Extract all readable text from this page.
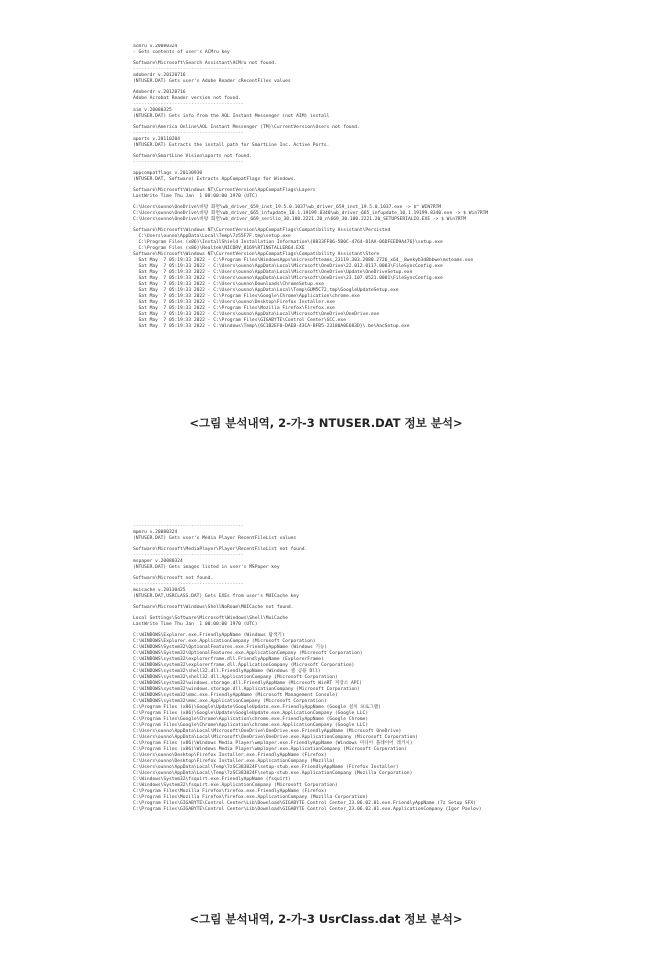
acmru v.20080324
- Gets contents of user's ACMru key
Software\Microsoft\Search Assistant\ACMru not found.
----------------------------------------
adoberdr v.20120716
(NTUSER.DAT) Gets user's Adobe Reader cRecentFiles values
Adoberdr v.20120716
Adobe Acrobat Reader version not found.
----------------------------------------
aim v.20080325
(NTUSER.DAT) Gets info from the AOL Instant Messenger (not AIM) install
Software\America Online\AOL Instant Messenger (TM)\CurrentVersion\Users not found.
----------------------------------------
aports v.20110204
(NTUSER.DAT) Extracts the install path for SmartLine Inc. Active Ports.
Software\SmartLine Vision\aports not found.
----------------------------------------
appcompatflags v.20130930
(NTUSER.DAT, Software) Extracts AppCompatFlags for Windows.
Software\Microsoft\Windows NT\CurrentVersion\AppCompatFlags\Layers
LastWrite Time Thu Jan  1 00:00:00 1970 (UTC)
C:\Users\ounno\OneDrive\바탕 화면\wb_driver_659_inst_19.5.0.1037\wb_driver_659_inst_19.5.0.1037.exe -> $^ WIN7RTM
C:\Users\ounno\OneDrive\바탕 화면\wb_driver_665_infupdate_10.1.19199.8340\wb_driver_665_infupdate_10.1.19199.8340.exe -> $ Win7RTM
C:\Users\ounno\OneDrive\바탕 화면\wb_driver_669_serilio_30.100.2221.20_n\669_30.100.2221.20_SETUPSERIALIO.EXE -> $ Win7RTM
Software\Microsoft\Windows NT\CurrentVersion\AppCompatFlags\Compatibility Assistant\Persisted
C:\Users\ounno\AppData\Local\Temp\7z55F7F.tmp\setup.exe
C:\Program Files (x86)\InstallShield Installation Information\{8833FF86-5B0C-4764-81AA-06DFEED9A476}\setup.exe
C:\Program Files (x86)\Realtek\NICDRV_8169\RTINSTALLER64.EXE
Software\Microsoft\Windows NT\CurrentVersion\AppCompatFlags\Compatibility Assistant\Store
Sat May  7 05:19:33 2022 - C:\Program Files\WindowsApps\microsoftteams_23119.303.2080.2726_x64__8wekyb3d8bbwe\msteams.exe
Sat May  7 05:19:33 2022 - C:\Users\ounno\AppData\Local\Microsoft\OneDrive\22.012.0117.0003\FileSyncConfig.exe
Sat May  7 05:19:33 2022 - C:\Users\ounno\AppData\Local\Microsoft\OneDrive\Update\OneDriveSetup.exe
Sat May  7 05:19:33 2022 - C:\Users\ounno\AppData\Local\Microsoft\OneDrive\23.107.0521.0001\FileSyncConfig.exe
Sat May  7 05:19:33 2022 - C:\Users\ounno\Downloads\ChromeSetup.exe
Sat May  7 05:19:33 2022 - C:\Users\ounno\AppData\Local\Temp\GUM5C72.tmp\GoogleUpdateSetup.exe
Sat May  7 05:19:33 2022 - C:\Program Files\Google\Chrome\Application\chrome.exe
Sat May  7 05:19:33 2022 - C:\Users\ounno\Desktop\Firefox Installer.exe
Sat May  7 05:19:33 2022 - C:\Program Files\Mozilla Firefox\Firefox.exe
Sat May  7 05:19:33 2022 - C:\Users\ounno\AppData\Local\Microsoft\OneDrive\OneDrive.exe
Sat May  7 05:19:33 2022 - C:\Program Files\GIGABYTE\Control Center\GCC.exe
Sat May  7 05:19:33 2022 - C:\Windows\Temp\{6C1B2EF0-DAEB-43CA-BFB5-23180A0E683D}\.be\AacSetup.exe
<그림 분석내역, 2-가-3 NTUSER.DAT 정보 분석>
----------------------------------------
mpmru v.20080324
(NTUSER.DAT) Gets user's Media Player RecentFileList values
Software\Microsoft\MediaPlayer\Player\RecentFileList not found.
----------------------------------------
mspaper v.20080324
(NTUSER.DAT) Gets images listed in user's MSPaper key
Software\Microsoft not found.
----------------------------------------
muicache v.20130425
(NTUSER.DAT,USRCLASS.DAT) Gets EXEs from user's MUICache key
Software\Microsoft\Windows\ShellNoRoam\MUICache not found.
Local Settings\Software\Microsoft\Windows\Shell\MuiCache
LastWrite Time Thu Jan  1 00:00:00 1970 (UTC)
C:\WINDOWS\Explorer.exe.FriendlyAppName (Windows 탐색기)
C:\WINDOWS\Explorer.exe.ApplicationCompany (Microsoft Corporation)
C:\WINDOWS\System32\OptionalFeatures.exe.FriendlyAppName (Windows 기능)
C:\WINDOWS\System32\OptionalFeatures.exe.ApplicationCompany (Microsoft Corporation)
C:\WINDOWS\system32\explorerframe.dll.FriendlyAppName (ExplorerFrame)
C:\WINDOWS\system32\explorerframe.dll.ApplicationCompany (Microsoft Corporation)
C:\WINDOWS\system32\shell32.dll.FriendlyAppName (Windows 셸 공용 Dll)
C:\WINDOWS\system32\shell32.dll.ApplicationCompany (Microsoft Corporation)
C:\WINDOWS\system32\windows.storage.dll.FriendlyAppName (Microsoft WinRT 저장소 API)
C:\WINDOWS\system32\windows.storage.dll.ApplicationCompany (Microsoft Corporation)
C:\WINDOWS\system32\mmc.exe.FriendlyAppName (Microsoft Management Console)
C:\WINDOWS\system32\mmc.exe.ApplicationCompany (Microsoft Corporation)
C:\Program Files (x86)\Google\Update\GoogleUpdate.exe.FriendlyAppName (Google 설치 프로그램)
C:\Program Files (x86)\Google\Update\GoogleUpdate.exe.ApplicationCompany (Google LLC)
C:\Program Files\Google\Chrome\Application\chrome.exe.FriendlyAppName (Google Chrome)
C:\Program Files\Google\Chrome\Application\chrome.exe.ApplicationCompany (Google LLC)
C:\Users\ounno\AppData\Local\Microsoft\OneDrive\OneDrive.exe.FriendlyAppName (Microsoft OneDrive)
C:\Users\ounno\AppData\Local\Microsoft\OneDrive\OneDrive.exe.ApplicationCompany (Microsoft Corporation)
C:\Program Files (x86)\Windows Media Player\wmplayer.exe.FriendlyAppName (Windows 미디어 플레이어 레거시)
C:\Program Files (x86)\Windows Media Player\wmplayer.exe.ApplicationCompany (Microsoft Corporation)
C:\Users\ounno\Desktop\Firefox Installer.exe.FriendlyAppName (Firefox)
C:\Users\ounno\Desktop\Firefox Installer.exe.ApplicationCompany (Mozilla)
C:\Users\ounno\AppData\Local\Temp\7zSC383824F\setup-stub.exe.FriendlyAppName (Firefox Installer)
C:\Users\ounno\AppData\Local\Temp\7zSC383824F\setup-stub.exe.ApplicationCompany (Mozilla Corporation)
C:\Windows\System32\fsquirt.exe.FriendlyAppName (fsquirt)
C:\Windows\System32\fsquirt.exe.ApplicationCompany (Microsoft Corporation)
C:\Program Files\Mozilla Firefox\firefox.exe.FriendlyAppName (Firefox)
C:\Program Files\Mozilla Firefox\firefox.exe.ApplicationCompany (Mozilla Corporation)
C:\Program Files\GIGABYTE\Control Center\Lib\Download\GIGABYTE Control Center_23.06.02.01.exe.FriendlyAppName (7z Setup SFX)
C:\Program Files\GIGABYTE\Control Center\Lib\Download\GIGABYTE Control Center_23.06.02.01.exe.ApplicationCompany (Igor Pavlov)
<그림 분석내역, 2-가-3 UsrClass.dat 정보 분석>
